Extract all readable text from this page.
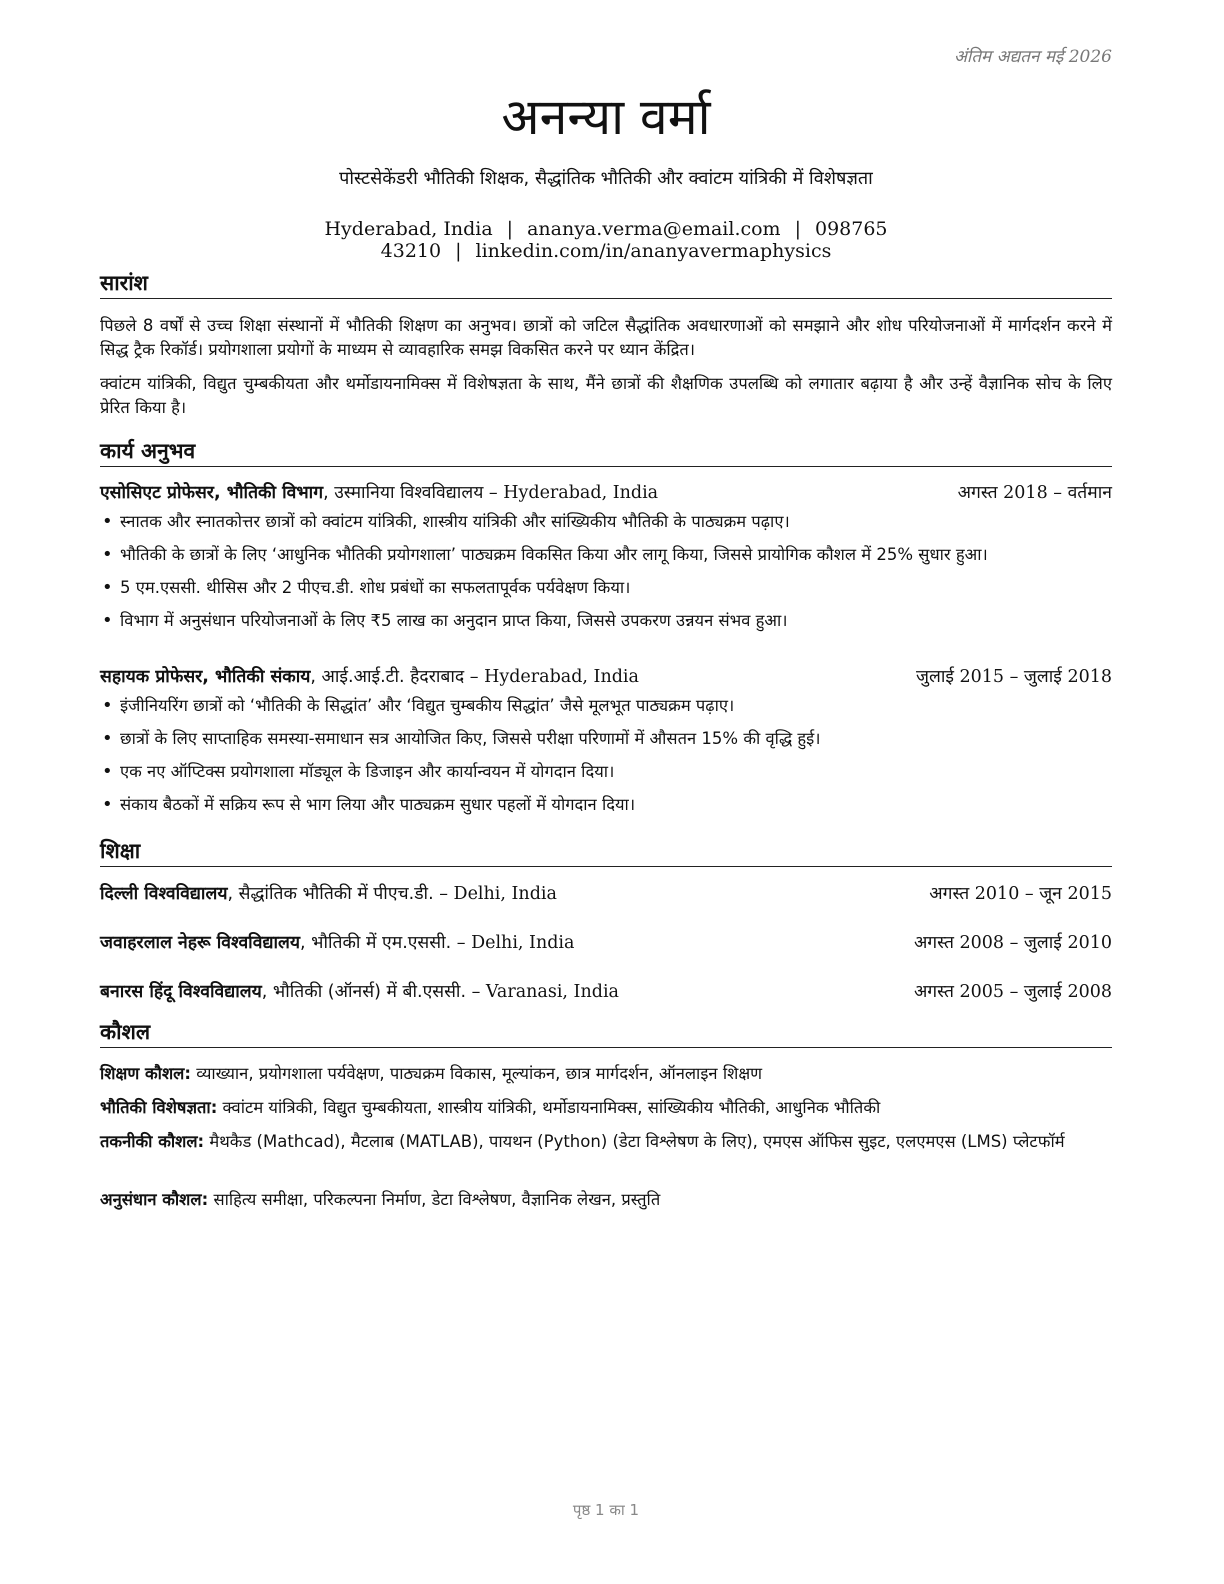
अंतिम अद्यतन मई 2026
अनन्या वर्मा
पोस्टसेकेंडरी भौतिकी शिक्षक, सैद्धांतिक भौतिकी और क्वांटम यांत्रिकी में विशेषज्ञता
Hyderabad, India | ananya.verma@email.com | 098765 43210 | linkedin.com/in/ananyavermaphysics
सारांश
पिछले 8 वर्षों से उच्च शिक्षा संस्थानों में भौतिकी शिक्षण का अनुभव। छात्रों को जटिल सैद्धांतिक अवधारणाओं को समझाने और शोध परियोजनाओं में मार्गदर्शन करने में सिद्ध ट्रैक रिकॉर्ड। प्रयोगशाला प्रयोगों के माध्यम से व्यावहारिक समझ विकसित करने पर ध्यान केंद्रित।
क्वांटम यांत्रिकी, विद्युत चुम्बकीयता और थर्मोडायनामिक्स में विशेषज्ञता के साथ, मैंने छात्रों की शैक्षणिक उपलब्धि को लगातार बढ़ाया है और उन्हें वैज्ञानिक सोच के लिए प्रेरित किया है।
कार्य अनुभव
एसोसिएट प्रोफेसर, भौतिकी विभाग, उस्मानिया विश्वविद्यालय – Hyderabad, India	अगस्त 2018 – वर्तमान
• स्नातक और स्नातकोत्तर छात्रों को क्वांटम यांत्रिकी, शास्त्रीय यांत्रिकी और सांख्यिकीय भौतिकी के पाठ्यक्रम पढ़ाए।
• भौतिकी के छात्रों के लिए ‘आधुनिक भौतिकी प्रयोगशाला’ पाठ्यक्रम विकसित किया और लागू किया, जिससे प्रायोगिक कौशल में 25% सुधार हुआ।
• 5 एम.एससी. थीसिस और 2 पीएच.डी. शोध प्रबंधों का सफलतापूर्वक पर्यवेक्षण किया।
• विभाग में अनुसंधान परियोजनाओं के लिए ₹5 लाख का अनुदान प्राप्त किया, जिससे उपकरण उन्नयन संभव हुआ।
सहायक प्रोफेसर, भौतिकी संकाय, आई.आई.टी. हैदराबाद – Hyderabad, India	जुलाई 2015 – जुलाई 2018
• इंजीनियरिंग छात्रों को ‘भौतिकी के सिद्धांत’ और ‘विद्युत चुम्बकीय सिद्धांत’ जैसे मूलभूत पाठ्यक्रम पढ़ाए।
• छात्रों के लिए साप्ताहिक समस्या-समाधान सत्र आयोजित किए, जिससे परीक्षा परिणामों में औसतन 15% की वृद्धि हुई।
• एक नए ऑप्टिक्स प्रयोगशाला मॉड्यूल के डिजाइन और कार्यान्वयन में योगदान दिया।
• संकाय बैठकों में सक्रिय रूप से भाग लिया और पाठ्यक्रम सुधार पहलों में योगदान दिया।
शिक्षा
दिल्ली विश्वविद्यालय, सैद्धांतिक भौतिकी में पीएच.डी. – Delhi, India	अगस्त 2010 – जून 2015
जवाहरलाल नेहरू विश्वविद्यालय, भौतिकी में एम.एससी. – Delhi, India	अगस्त 2008 – जुलाई 2010
बनारस हिंदू विश्वविद्यालय, भौतिकी (ऑनर्स) में बी.एससी. – Varanasi, India	अगस्त 2005 – जुलाई 2008
कौशल
शिक्षण कौशल: व्याख्यान, प्रयोगशाला पर्यवेक्षण, पाठ्यक्रम विकास, मूल्यांकन, छात्र मार्गदर्शन, ऑनलाइन शिक्षण
भौतिकी विशेषज्ञता: क्वांटम यांत्रिकी, विद्युत चुम्बकीयता, शास्त्रीय यांत्रिकी, थर्मोडायनामिक्स, सांख्यिकीय भौतिकी, आधुनिक भौतिकी
तकनीकी कौशल: मैथकैड (Mathcad), मैटलाब (MATLAB), पायथन (Python) (डेटा विश्लेषण के लिए), एमएस ऑफिस सुइट, एलएमएस (LMS) प्लेटफॉर्म
अनुसंधान कौशल: साहित्य समीक्षा, परिकल्पना निर्माण, डेटा विश्लेषण, वैज्ञानिक लेखन, प्रस्तुति
पृष्ठ 1 का 1
